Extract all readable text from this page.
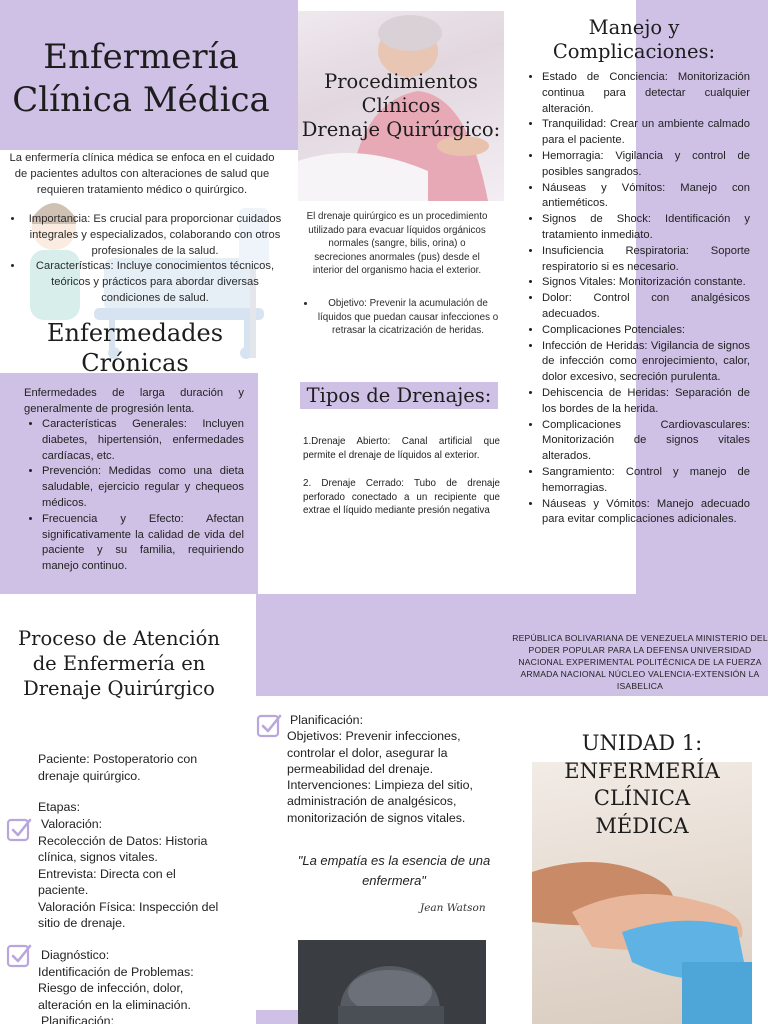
Enfermería Clínica Médica
La enfermería clínica médica se enfoca en el cuidado de pacientes adultos con alteraciones de salud que requieren tratamiento médico o quirúrgico.
• Importancia: Es crucial para proporcionar cuidados integrales y especializados, colaborando con otros profesionales de la salud.
• Características: Incluye conocimientos técnicos, teóricos y prácticos para abordar diversas condiciones de salud.
Enfermedades Crónicas
Enfermedades de larga duración y generalmente de progresión lenta.
• Características Generales: Incluyen diabetes, hipertensión, enfermedades cardíacas, etc.
• Prevención: Medidas como una dieta saludable, ejercicio regular y chequeos médicos.
• Frecuencia y Efecto: Afectan significativamente la calidad de vida del paciente y su familia, requiriendo manejo continuo.
Procedimientos
Clínicos
Drenaje Quirúrgico:
El drenaje quirúrgico es un procedimiento utilizado para evacuar líquidos orgánicos normales (sangre, bilis, orina) o secreciones anormales (pus) desde el interior del organismo hacia el exterior.
• Objetivo: Prevenir la acumulación de líquidos que puedan causar infecciones o retrasar la cicatrización de heridas.
Tipos de Drenajes:
1.Drenaje Abierto: Canal artificial que permite el drenaje de líquidos al exterior.
2. Drenaje Cerrado: Tubo de drenaje perforado conectado a un recipiente que extrae el líquido mediante presión negativa
Manejo y Complicaciones:
• Estado de Conciencia: Monitorización continua para detectar cualquier alteración.
• Tranquilidad: Crear un ambiente calmado para el paciente.
• Hemorragia: Vigilancia y control de posibles sangrados.
• Náuseas y Vómitos: Manejo con antieméticos.
• Signos de Shock: Identificación y tratamiento inmediato.
• Insuficiencia Respiratoria: Soporte respiratorio si es necesario.
• Signos Vitales: Monitorización constante.
• Dolor: Control con analgésicos adecuados.
• Complicaciones Potenciales:
• Infección de Heridas: Vigilancia de signos de infección como enrojecimiento, calor, dolor excesivo, secreción purulenta.
• Dehiscencia de Heridas: Separación de los bordes de la herida.
• Complicaciones Cardiovasculares: Monitorización de signos vitales alterados.
• Sangramiento: Control y manejo de hemorragias.
• Náuseas y Vómitos: Manejo adecuado para evitar complicaciones adicionales.
Proceso de Atención de Enfermería en Drenaje Quirúrgico
Paciente: Postoperatorio con drenaje quirúrgico.
Etapas:
Valoración:
Recolección de Datos: Historia clínica, signos vitales.
Entrevista: Directa con el paciente.
Valoración Física: Inspección del sitio de drenaje.
Diagnóstico:
Identificación de Problemas: Riesgo de infección, dolor, alteración en la eliminación.
Planificación:
Planificación:
Objetivos: Prevenir infecciones, controlar el dolor, asegurar la permeabilidad del drenaje.
Intervenciones: Limpieza del sitio, administración de analgésicos, monitorización de signos vitales.
"La empatía es la esencia de una enfermera"
Jean Watson
REPÚBLICA BOLIVARIANA DE VENEZUELA MINISTERIO DEL PODER POPULAR PARA LA DEFENSA UNIVERSIDAD NACIONAL EXPERIMENTAL POLITÉCNICA DE LA FUERZA ARMADA NACIONAL NÚCLEO VALENCIA-EXTENSIÓN LA ISABELICA
UNIDAD 1: ENFERMERÍA CLÍNICA MÉDICA
